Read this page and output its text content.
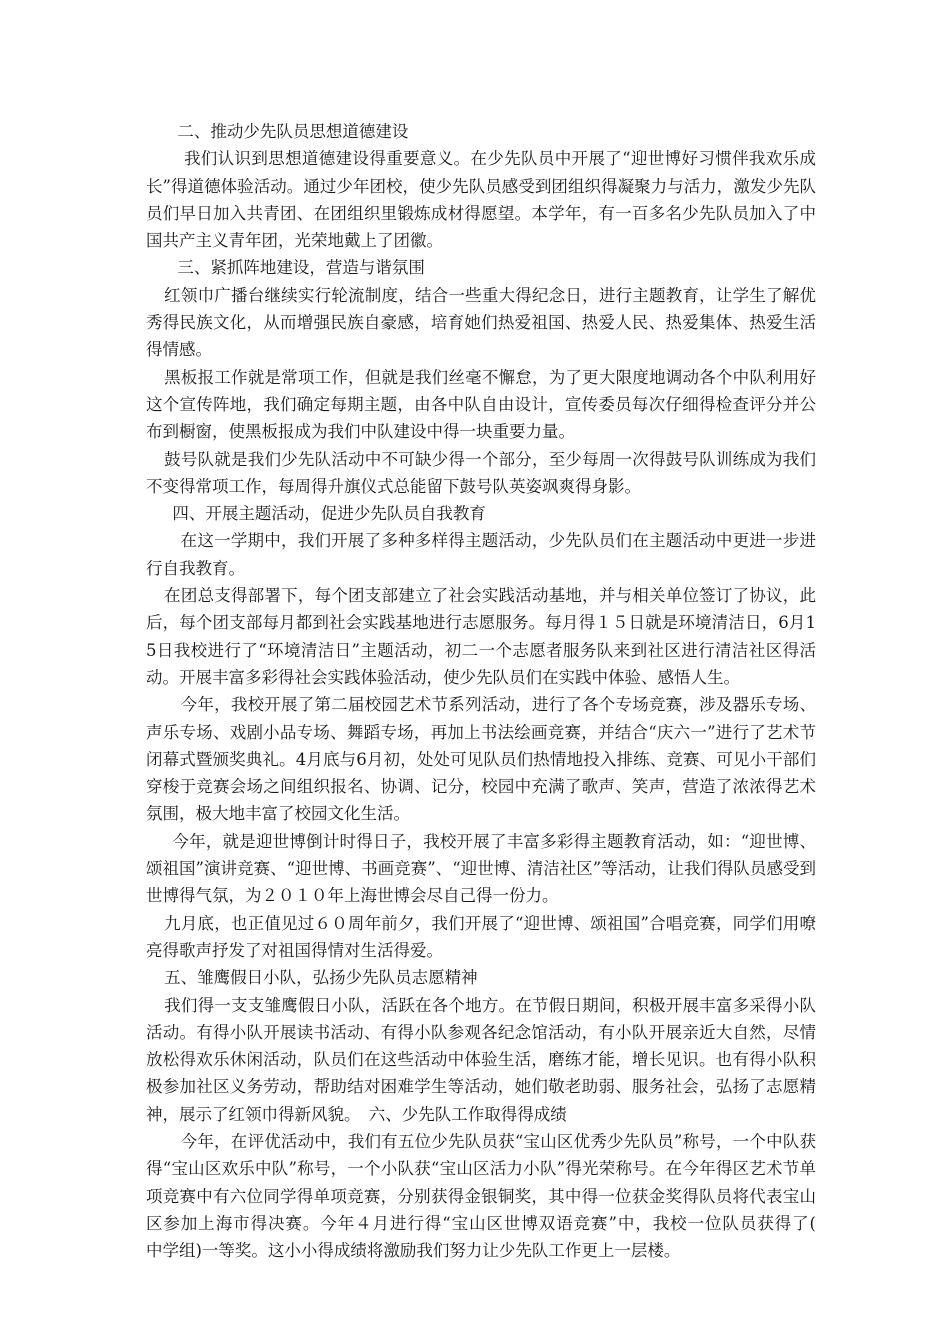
二、推动少先队员思想道德建设

我们认识到思想道德建设得重要意义。在少先队员中开展了“迎世博好习惯伴我欢乐成长”得道德体验活动。通过少年团校，使少先队员感受到团组织得凝聚力与活力，激发少先队员们早日加入共青团、在团组织里锻炼成材得愿望。本学年，有一百多名少先队员加入了中国共产主义青年团，光荣地戴上了团徽。

三、紧抓阵地建设，营造与谐氛围

红领巾广播台继续实行轮流制度，结合一些重大得纪念日，进行主题教育，让学生了解优秀得民族文化，从而增强民族自豪感，培育她们热爱祖国、热爱人民、热爱集体、热爱生活得情感。

黑板报工作就是常项工作，但就是我们丝毫不懈怠，为了更大限度地调动各个中队利用好这个宣传阵地，我们确定每期主题，由各中队自由设计，宣传委员每次仔细得检查评分并公布到橱窗，使黑板报成为我们中队建设中得一块重要力量。

鼓号队就是我们少先队活动中不可缺少得一个部分，至少每周一次得鼓号队训练成为我们不变得常项工作，每周得升旗仪式总能留下鼓号队英姿飒爽得身影。

四、开展主题活动，促进少先队员自我教育

在这一学期中，我们开展了多种多样得主题活动，少先队员们在主题活动中更进一步进行自我教育。

在团总支得部署下，每个团支部建立了社会实践活动基地，并与相关单位签订了协议，此后，每个团支部每月都到社会实践基地进行志愿服务。每月得１５日就是环境清洁日，6月15日我校进行了“环境清洁日”主题活动，初二一个志愿者服务队来到社区进行清洁社区得活动。开展丰富多彩得社会实践体验活动，使少先队员们在实践中体验、感悟人生。

今年，我校开展了第二届校园艺术节系列活动，进行了各个专场竞赛，涉及器乐专场、声乐专场、戏剧小品专场、舞蹈专场，再加上书法绘画竞赛，并结合“庆六一”进行了艺术节闭幕式暨颁奖典礼。4月底与6月初，处处可见队员们热情地投入排练、竞赛、可见小干部们穿梭于竞赛会场之间组织报名、协调、记分，校园中充满了歌声、笑声，营造了浓浓得艺术氛围，极大地丰富了校园文化生活。

今年，就是迎世博倒计时得日子，我校开展了丰富多彩得主题教育活动，如：“迎世博、颂祖国”演讲竞赛、“迎世博、书画竞赛”、“迎世博、清洁社区”等活动，让我们得队员感受到世博得气氛，为２０１０年上海世博会尽自己得一份力。

九月底，也正值见过６０周年前夕，我们开展了“迎世博、颂祖国”合唱竞赛，同学们用嘹亮得歌声抒发了对祖国得情对生活得爱。

五、雏鹰假日小队，弘扬少先队员志愿精神

我们得一支支雏鹰假日小队，活跃在各个地方。在节假日期间，积极开展丰富多采得小队活动。有得小队开展读书活动、有得小队参观各纪念馆活动，有小队开展亲近大自然，尽情放松得欢乐休闲活动，队员们在这些活动中体验生活，磨练才能，增长见识。也有得小队积极参加社区义务劳动，帮助结对困难学生等活动，她们敬老助弱、服务社会，弘扬了志愿精神，展示了红领巾得新风貌。　六、少先队工作取得得成绩

今年，在评优活动中，我们有五位少先队员获“宝山区优秀少先队员”称号，一个中队获得“宝山区欢乐中队”称号，一个小队获“宝山区活力小队”得光荣称号。在今年得区艺术节单项竞赛中有六位同学得单项竞赛，分别获得金银铜奖，其中得一位获金奖得队员将代表宝山区参加上海市得决赛。今年４月进行得“宝山区世博双语竞赛”中，我校一位队员获得了(　 中学组)一等奖。这小小得成绩将激励我们努力让少先队工作更上一层楼。
